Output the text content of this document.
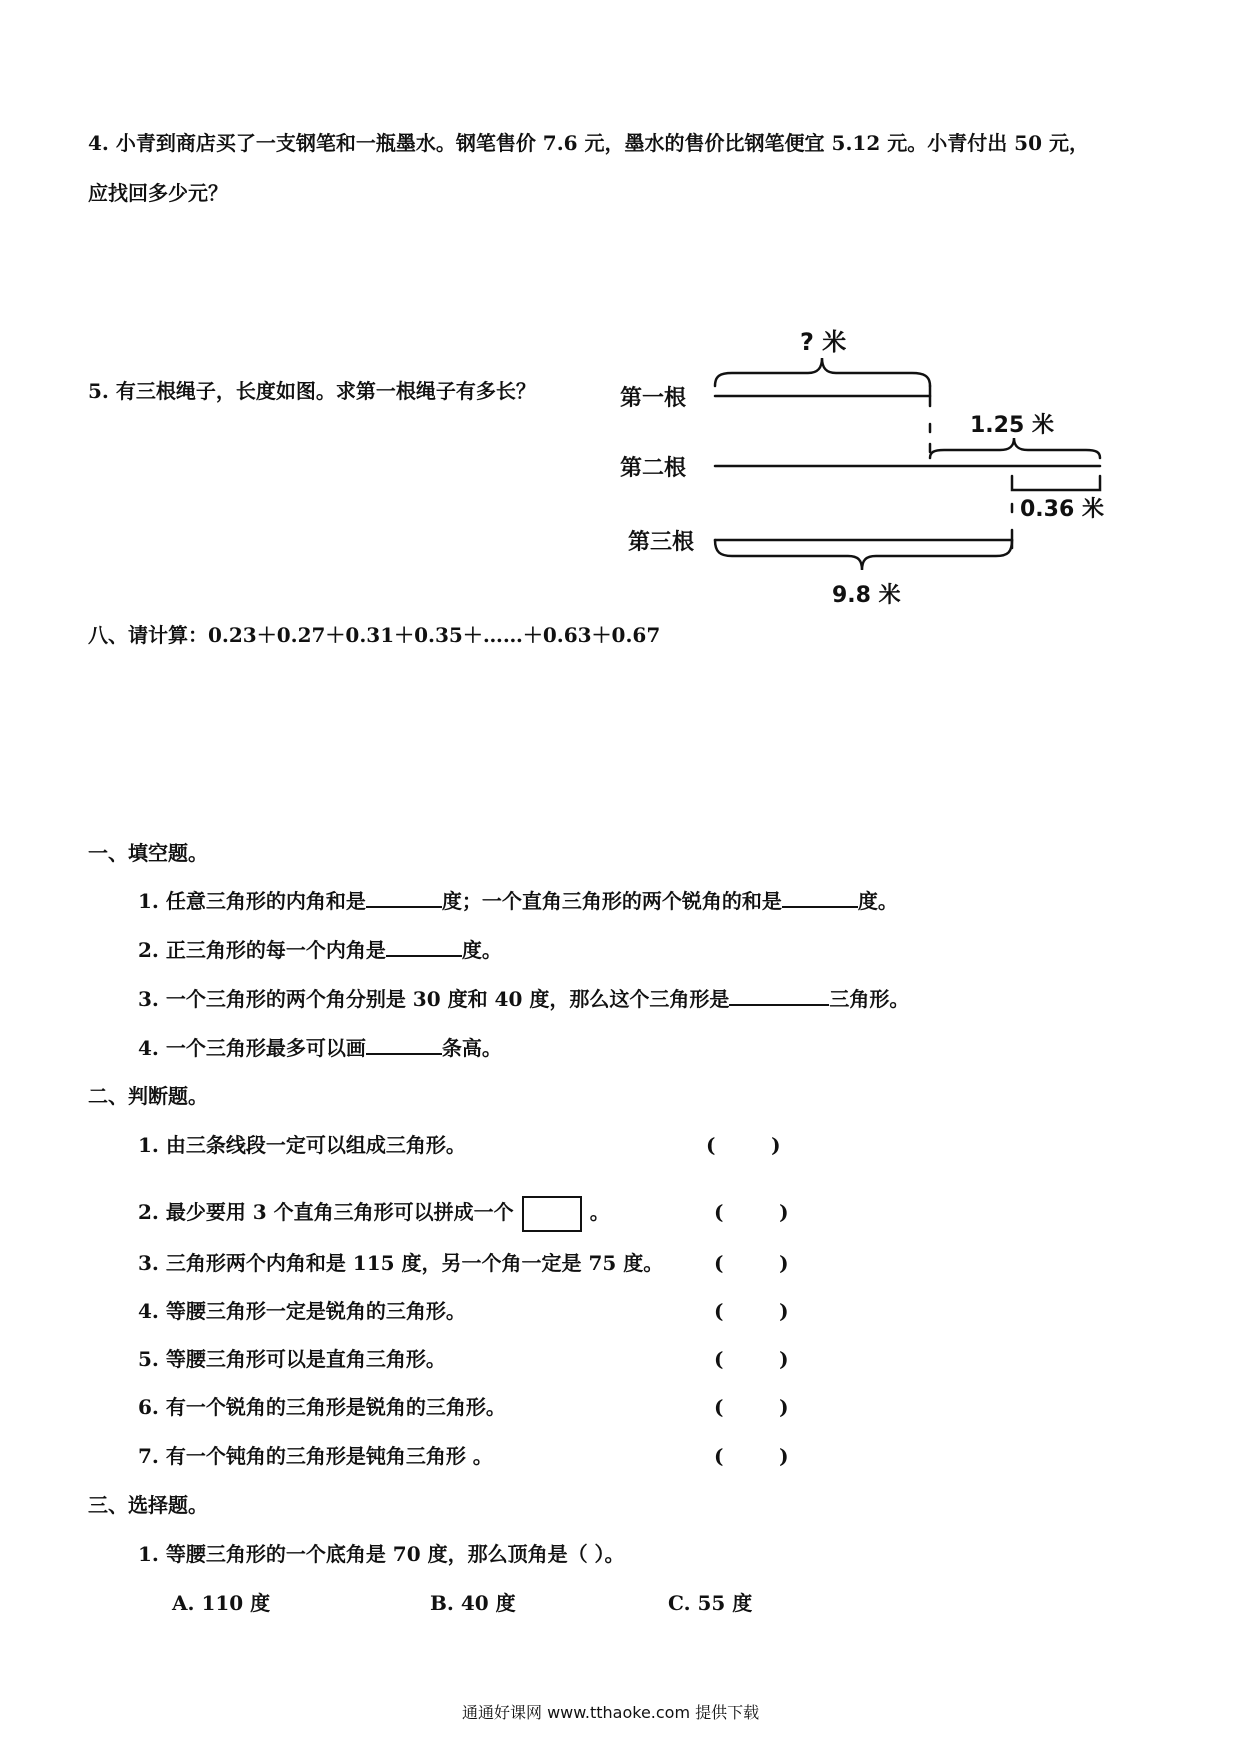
4. 小青到商店买了一支钢笔和一瓶墨水。钢笔售价 7.6 元，墨水的售价比钢笔便宜 5.12 元。小青付出 50 元，
应找回多少元？
5. 有三根绳子，长度如图。求第一根绳子有多长？	第一根
第二根
第三根
? 米
1.25 米
0.36 米
9.8 米
八、请计算：0.23＋0.27＋0.31＋0.35＋……＋0.63＋0.67
一、填空题。
1. 任意三角形的内角和是	度；一个直角三角形的两个锐角的和是	度。
2. 正三角形的每一个内角是	度。
3. 一个三角形的两个角分别是 30 度和 40 度，那么这个三角形是	三角形。
4. 一个三角形最多可以画	条高。
二、判断题。
1. 由三条线段一定可以组成三角形。	(        )
2. 最少要用 3 个直角三角形可以拼成一个	。	(        )
3. 三角形两个内角和是 115 度，另一个角一定是 75 度。	(        )
4. 等腰三角形一定是锐角的三角形。	(        )
5. 等腰三角形可以是直角三角形。	(        )
6. 有一个锐角的三角形是锐角的三角形。	(        )
7. 有一个钝角的三角形是钝角三角形 。	(        )
三、选择题。
1. 等腰三角形的一个底角是 70 度，那么顶角是（ ）。
A. 110 度	B. 40 度	C. 55 度
通通好课网 www.tthaoke.com 提供下载
